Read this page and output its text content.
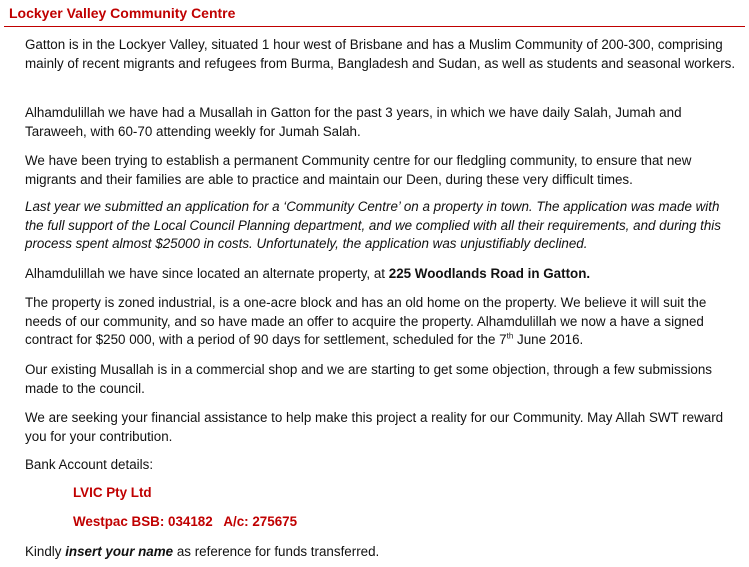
Lockyer Valley Community Centre

Gatton is in the Lockyer Valley, situated 1 hour west of Brisbane and has a Muslim Community of 200-300, comprising mainly of recent migrants and refugees from Burma, Bangladesh and Sudan, as well as students and seasonal workers.

Alhamdulillah we have had a Musallah in Gatton for the past 3 years, in which we have daily Salah, Jumah and Taraweeh, with 60-70 attending weekly for Jumah Salah.

We have been trying to establish a permanent Community centre for our fledgling community, to ensure that new migrants and their families are able to practice and maintain our Deen, during these very difficult times.

Last year we submitted an application for a ‘Community Centre’ on a property in town. The application was made with the full support of the Local Council Planning department, and we complied with all their requirements, and during this process spent almost $25000 in costs. Unfortunately, the application was unjustifiably declined.

Alhamdulillah we have since located an alternate property, at 225 Woodlands Road in Gatton.

The property is zoned industrial, is a one-acre block and has an old home on the property. We believe it will suit the needs of our community, and so have made an offer to acquire the property. Alhamdulillah we now a have a signed contract for $250 000, with a period of 90 days for settlement, scheduled for the 7th June 2016.

Our existing Musallah is in a commercial shop and we are starting to get some objection, through a few submissions made to the council.

We are seeking your financial assistance to help make this project a reality for our Community. May Allah SWT reward you for your contribution.

Bank Account details:

LVIC Pty Ltd
Westpac BSB: 034182   A/c: 275675

Kindly insert your name as reference for funds transferred.
